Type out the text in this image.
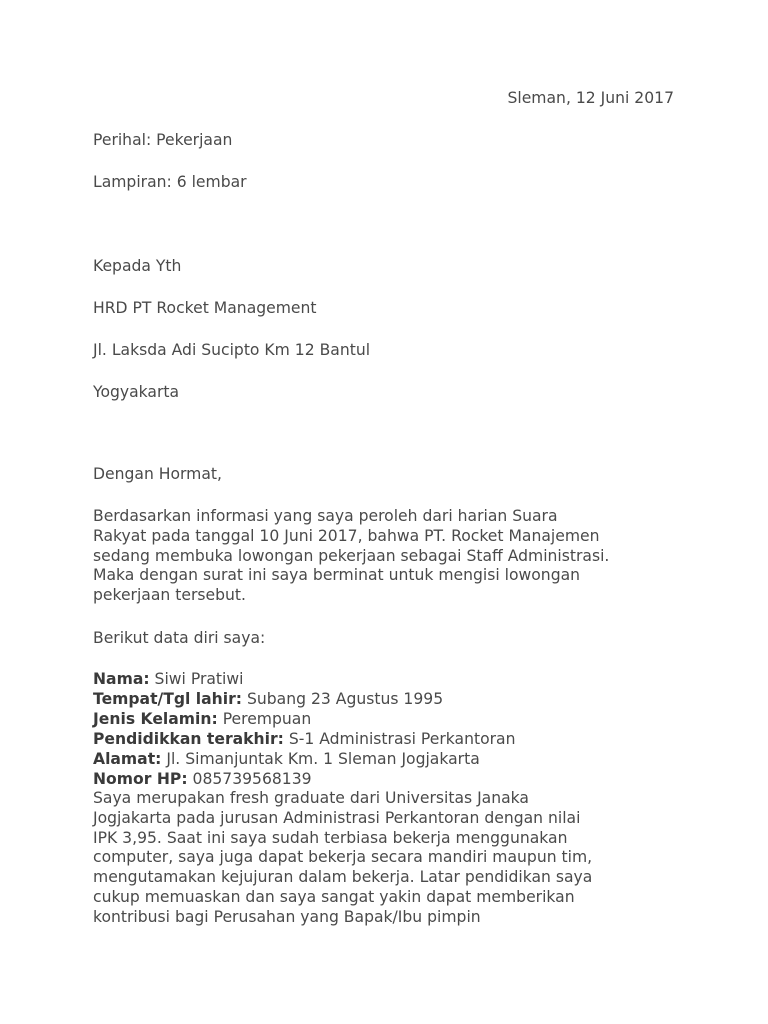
Sleman, 12 Juni 2017
Perihal: Pekerjaan
Lampiran: 6 lembar
Kepada Yth
HRD PT Rocket Management
Jl. Laksda Adi Sucipto Km 12 Bantul
Yogyakarta
Dengan Hormat,
Berdasarkan informasi yang saya peroleh dari harian Suara
Rakyat pada tanggal 10 Juni 2017, bahwa PT. Rocket Manajemen
sedang membuka lowongan pekerjaan sebagai Staff Administrasi.
Maka dengan surat ini saya berminat untuk mengisi lowongan
pekerjaan tersebut.
Berikut data diri saya:
Nama: Siwi Pratiwi
Tempat/Tgl lahir: Subang 23 Agustus 1995
Jenis Kelamin: Perempuan
Pendidikkan terakhir: S-1 Administrasi Perkantoran
Alamat: Jl. Simanjuntak Km. 1 Sleman Jogjakarta
Nomor HP: 085739568139
Saya merupakan fresh graduate dari Universitas Janaka
Jogjakarta pada jurusan Administrasi Perkantoran dengan nilai
IPK 3,95. Saat ini saya sudah terbiasa bekerja menggunakan
computer, saya juga dapat bekerja secara mandiri maupun tim,
mengutamakan kejujuran dalam bekerja. Latar pendidikan saya
cukup memuaskan dan saya sangat yakin dapat memberikan
kontribusi bagi Perusahan yang Bapak/Ibu pimpin
